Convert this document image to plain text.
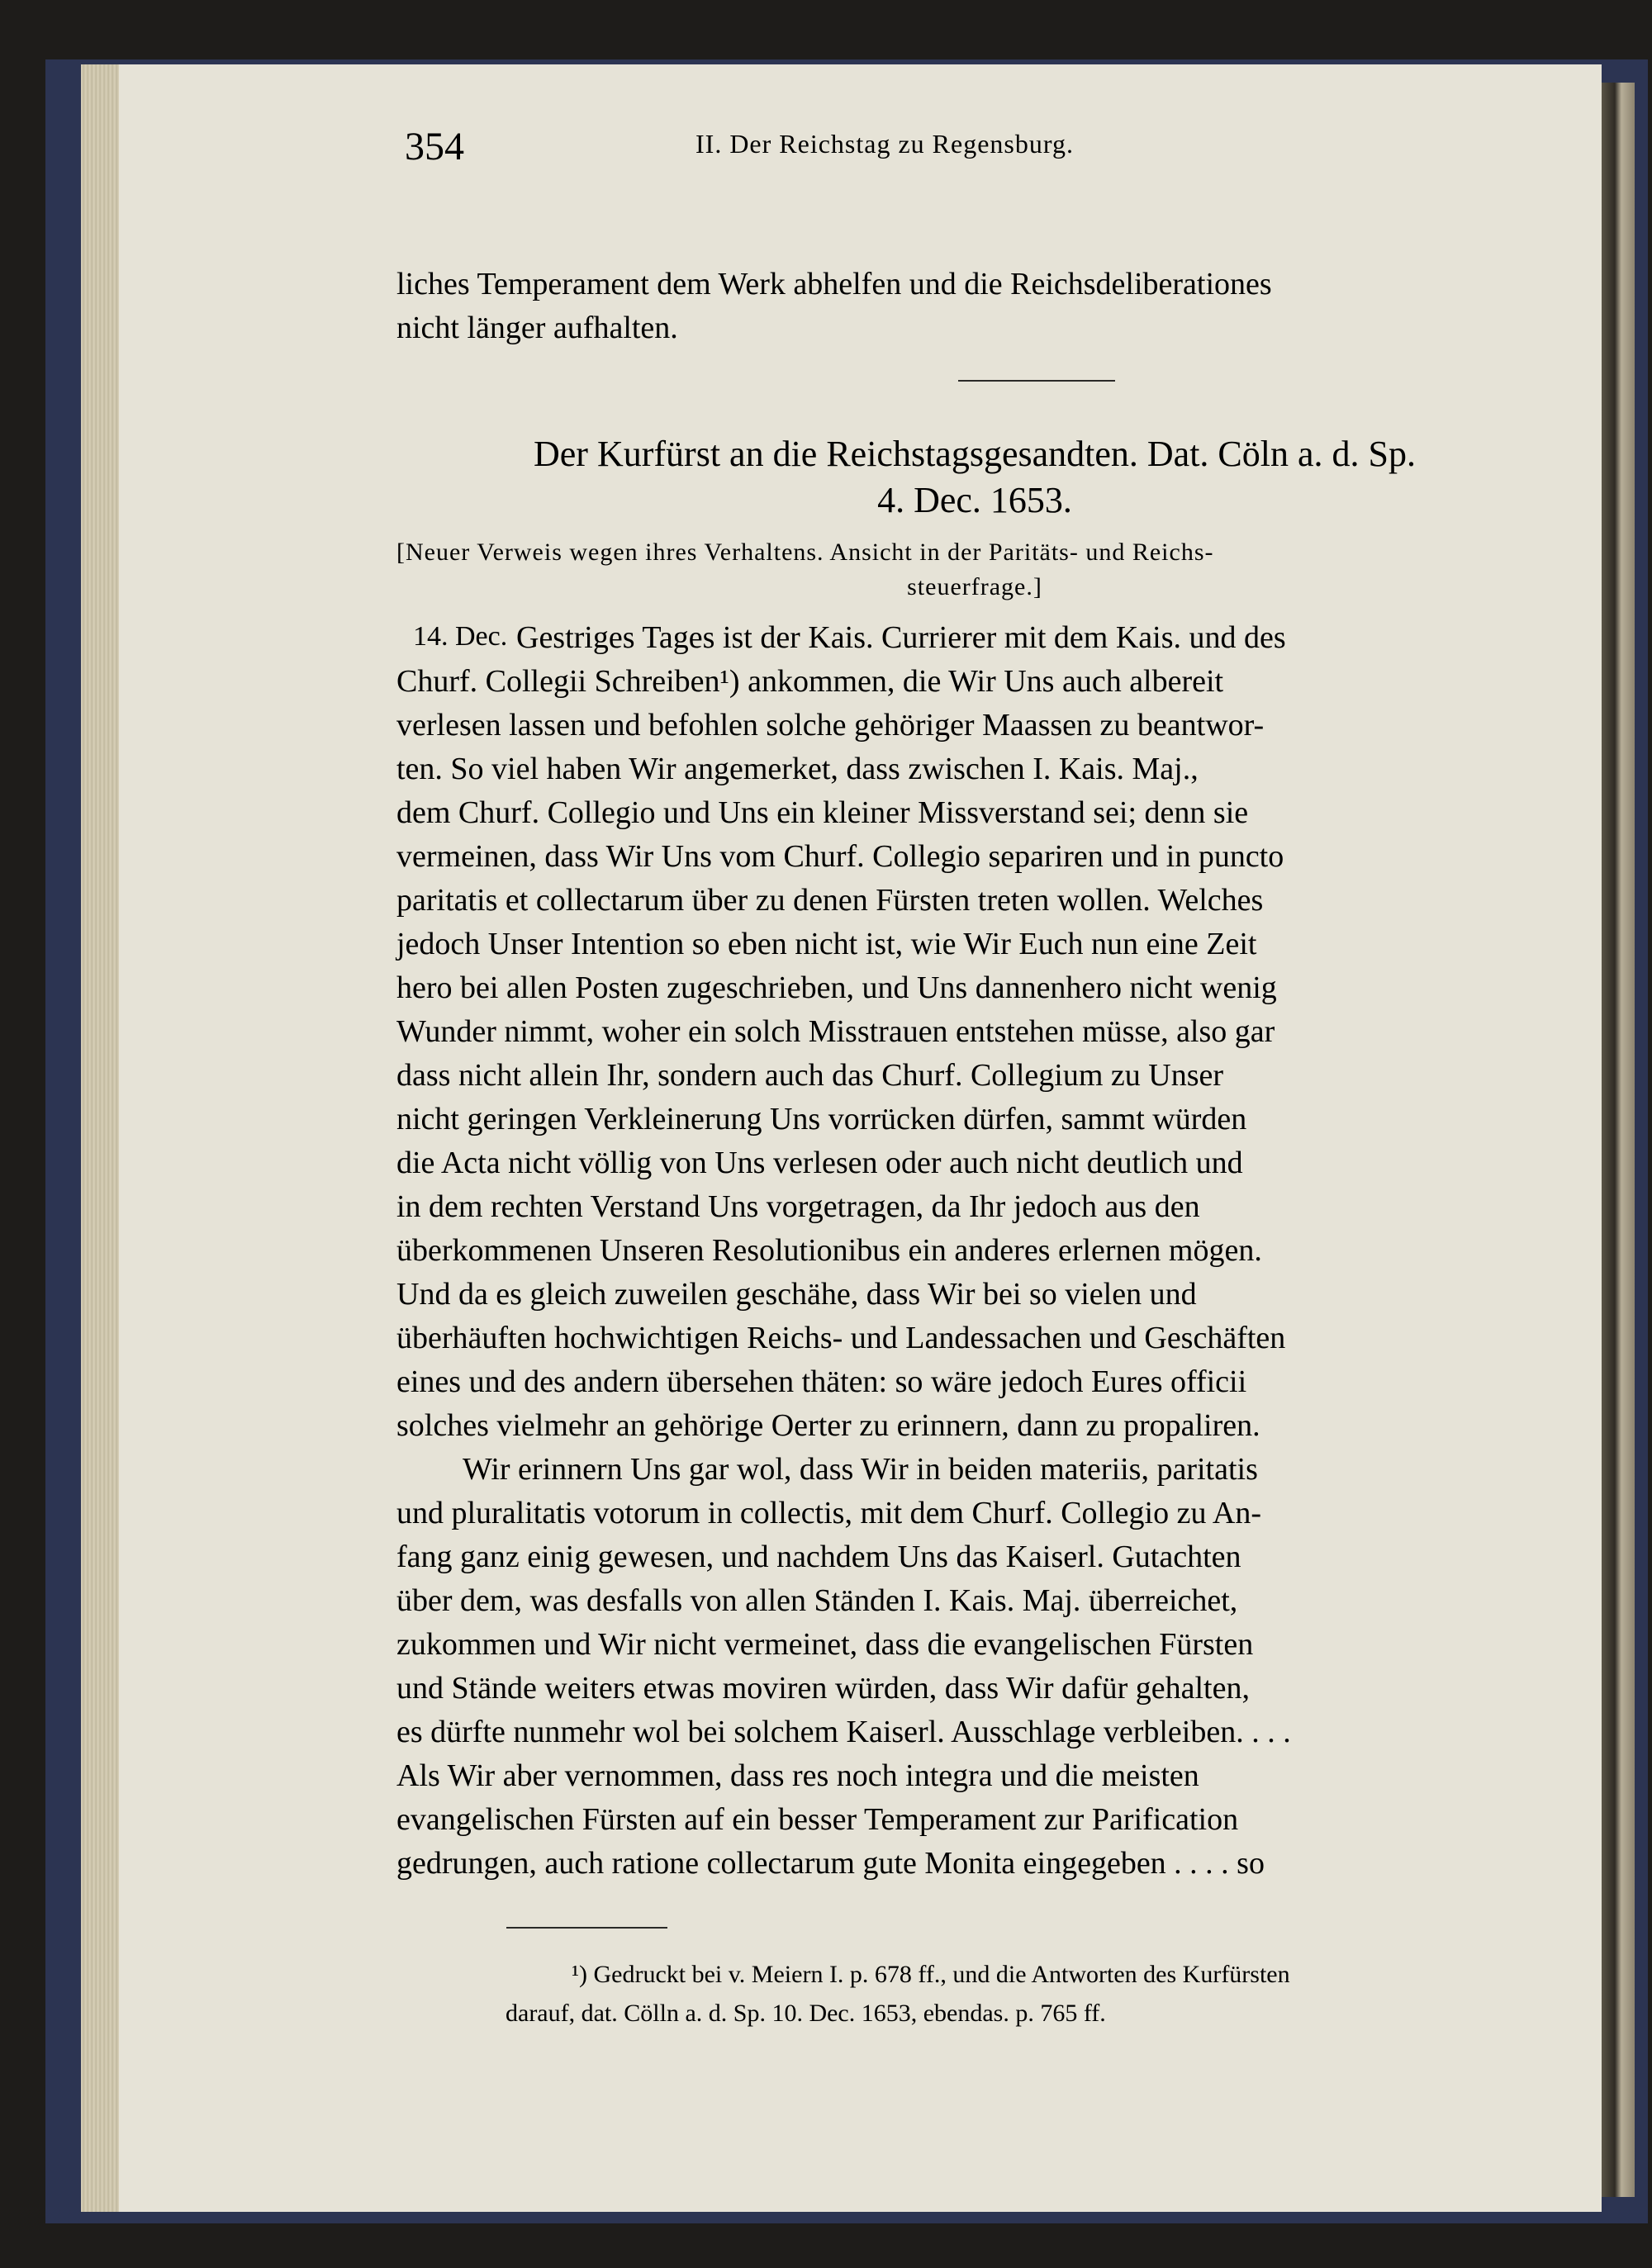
354	II. Der Reichstag zu Regensburg.
liches Temperament dem Werk abhelfen und die Reichsdeliberationes
nicht länger aufhalten.
Der Kurfürst an die Reichstagsgesandten. Dat. Cöln a. d. Sp.
4. Dec. 1653.
[Neuer Verweis wegen ihres Verhaltens. Ansicht in der Paritäts- und Reichs-
steuerfrage.]
14. Dec. Gestriges Tages ist der Kais. Currierer mit dem Kais. und des
Churf. Collegii Schreiben¹) ankommen, die Wir Uns auch albereit
verlesen lassen und befohlen solche gehöriger Maassen zu beantwor-
ten. So viel haben Wir angemerket, dass zwischen I. Kais. Maj.,
dem Churf. Collegio und Uns ein kleiner Missverstand sei; denn sie
vermeinen, dass Wir Uns vom Churf. Collegio separiren und in puncto
paritatis et collectarum über zu denen Fürsten treten wollen. Welches
jedoch Unser Intention so eben nicht ist, wie Wir Euch nun eine Zeit
hero bei allen Posten zugeschrieben, und Uns dannenhero nicht wenig
Wunder nimmt, woher ein solch Misstrauen entstehen müsse, also gar
dass nicht allein Ihr, sondern auch das Churf. Collegium zu Unser
nicht geringen Verkleinerung Uns vorrücken dürfen, sammt würden
die Acta nicht völlig von Uns verlesen oder auch nicht deutlich und
in dem rechten Verstand Uns vorgetragen, da Ihr jedoch aus den
überkommenen Unseren Resolutionibus ein anderes erlernen mögen.
Und da es gleich zuweilen geschähe, dass Wir bei so vielen und
überhäuften hochwichtigen Reichs- und Landessachen und Geschäften
eines und des andern übersehen thäten: so wäre jedoch Eures officii
solches vielmehr an gehörige Oerter zu erinnern, dann zu propaliren.
Wir erinnern Uns gar wol, dass Wir in beiden materiis, paritatis
und pluralitatis votorum in collectis, mit dem Churf. Collegio zu An-
fang ganz einig gewesen, und nachdem Uns das Kaiserl. Gutachten
über dem, was desfalls von allen Ständen I. Kais. Maj. überreichet,
zukommen und Wir nicht vermeinet, dass die evangelischen Fürsten
und Stände weiters etwas moviren würden, dass Wir dafür gehalten,
es dürfte nunmehr wol bei solchem Kaiserl. Ausschlage verbleiben. . . .
Als Wir aber vernommen, dass res noch integra und die meisten
evangelischen Fürsten auf ein besser Temperament zur Parification
gedrungen, auch ratione collectarum gute Monita eingegeben . . . . so
¹) Gedruckt bei v. Meiern I. p. 678 ff., und die Antworten des Kurfürsten
darauf, dat. Cölln a. d. Sp. 10. Dec. 1653, ebendas. p. 765 ff.
